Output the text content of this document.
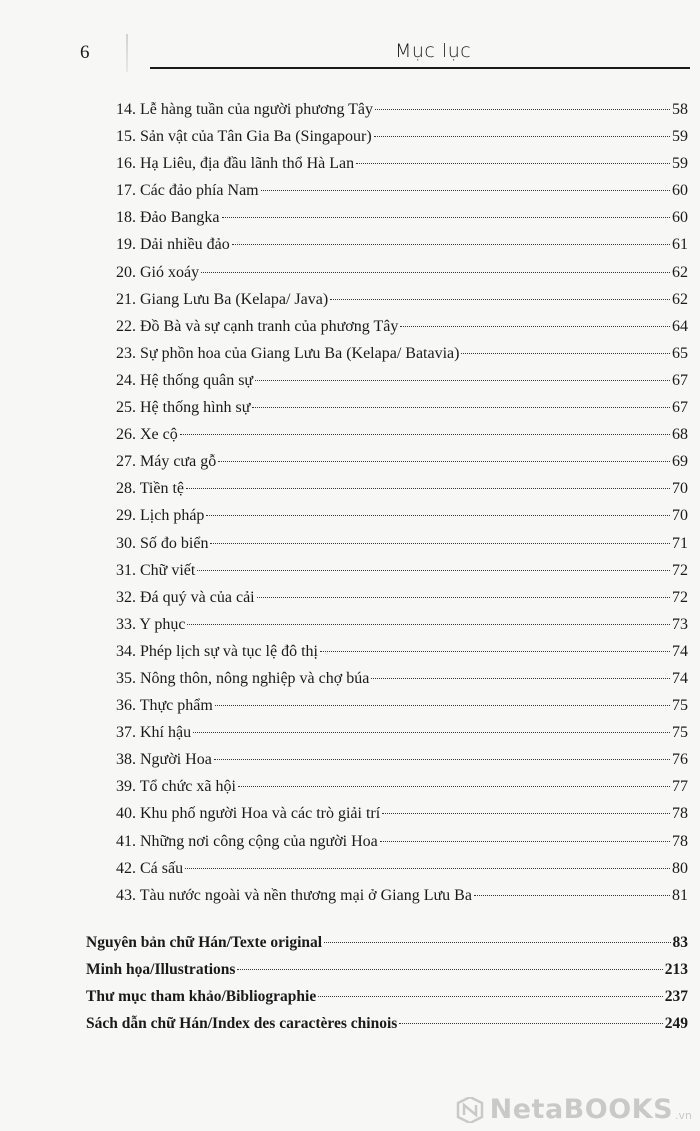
6	Mục lục
14. Lễ hàng tuần của người phương Tây	58
15. Sản vật của Tân Gia Ba (Singapour)	59
16. Hạ Liêu, địa đầu lãnh thổ Hà Lan	59
17. Các đảo phía Nam	60
18. Đảo Bangka	60
19. Dải nhiều đảo	61
20. Gió xoáy	62
21. Giang Lưu Ba (Kelapa/ Java)	62
22. Đồ Bà và sự cạnh tranh của phương Tây	64
23. Sự phồn hoa của Giang Lưu Ba (Kelapa/ Batavia)	65
24. Hệ thống quân sự	67
25. Hệ thống hình sự	67
26. Xe cộ	68
27. Máy cưa gỗ	69
28. Tiền tệ	70
29. Lịch pháp	70
30. Số đo biển	71
31. Chữ viết	72
32. Đá quý và của cải	72
33. Y phục	73
34. Phép lịch sự và tục lệ đô thị	74
35. Nông thôn, nông nghiệp và chợ búa	74
36. Thực phẩm	75
37. Khí hậu	75
38. Người Hoa	76
39. Tổ chức xã hội	77
40. Khu phố người Hoa và các trò giải trí	78
41. Những nơi công cộng của người Hoa	78
42. Cá sấu	80
43. Tàu nước ngoài và nền thương mại ở Giang Lưu Ba	81
Nguyên bản chữ Hán/Texte original	83
Minh họa/Illustrations	213
Thư mục tham khảo/Bibliographie	237
Sách dẫn chữ Hán/Index des caractères chinois	249
NetaBOOKS .vn
